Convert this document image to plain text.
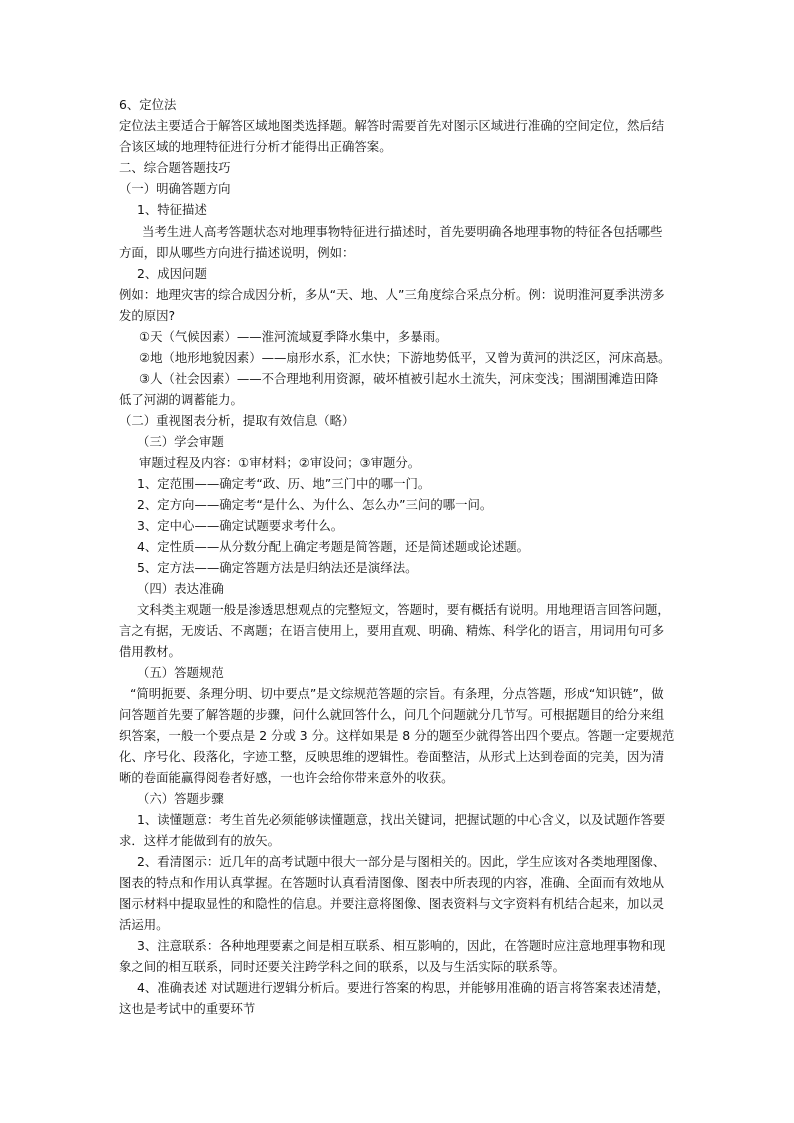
6、定位法
定位法主要适合于解答区域地图类选择题。解答时需要首先对图示区域进行准确的空间定位，然后结
合该区域的地理特征进行分析才能得出正确答案。
二、综合题答题技巧
（一）明确答题方向
1、特征描述
当考生进人高考答题状态对地理事物特征进行描述时，首先要明确各地理事物的特征各包括哪些
方面，即从哪些方向进行描述说明，例如：
2、成因问题
例如：地理灾害的综合成因分析，多从“天、地、人”三角度综合采点分析。例：说明淮河夏季洪涝多
发的原因?
①天（气候因素）——淮河流域夏季降水集中，多暴雨。
②地（地形地貌因素）——扇形水系，汇水快；下游地势低平，又曾为黄河的洪泛区，河床高悬。
③人（社会因素）——不合理地利用资源，破坏植被引起水土流失，河床变浅；围湖围滩造田降
低了河湖的调蓄能力。
（二）重视图表分析，提取有效信息（略）
（三）学会审题
审题过程及内容：①审材料；②审设问；③审题分。
1、定范围——确定考“政、历、地”三门中的哪一门。
2、定方向——确定考“是什么、为什么、怎么办”三问的哪一问。
3、定中心——确定试题要求考什么。
4、定性质——从分数分配上确定考题是简答题，还是简述题或论述题。
5、定方法——确定答题方法是归纳法还是演绎法。
（四）表达准确
文科类主观题一般是渗透思想观点的完整短文，答题时，要有概括有说明。用地理语言回答问题，
言之有据，无废话、不离题；在语言使用上，要用直观、明确、精炼、科学化的语言，用词用句可多
借用教材。
（五）答题规范
“简明扼要、条理分明、切中要点”是文综规范答题的宗旨。有条理，分点答题，形成“知识链”，做
问答题首先要了解答题的步骤，问什么就回答什么，问几个问题就分几节写。可根据题目的给分来组
织答案，一般一个要点是 2 分或 3 分。这样如果是 8 分的题至少就得答出四个要点。答题一定要规范
化、序号化、段落化，字迹工整，反映思维的逻辑性。卷面整洁，从形式上达到卷面的完美，因为清
晰的卷面能赢得阅卷者好感，一也许会给你带来意外的收获。
（六）答题步骤
1、读懂题意：考生首先必须能够读懂题意，找出关键词，把握试题的中心含义，以及试题作答要
求．这样才能做到有的放矢。
2、看清图示：近几年的高考试题中很大一部分是与图相关的。因此，学生应该对各类地理图像、
图表的特点和作用认真掌握。在答题时认真看清图像、图表中所表现的内容，准确、全面而有效地从
图示材料中提取显性的和隐性的信息。并要注意将图像、图表资料与文字资料有机结合起来，加以灵
活运用。
3、注意联系：各种地理要素之间是相互联系、相互影响的，因此，在答题时应注意地理事物和现
象之间的相互联系，同时还要关注跨学科之间的联系，以及与生活实际的联系等。
4、准确表述 对试题进行逻辑分析后。要进行答案的构思，并能够用准确的语言将答案表述清楚，
这也是考试中的重要环节
